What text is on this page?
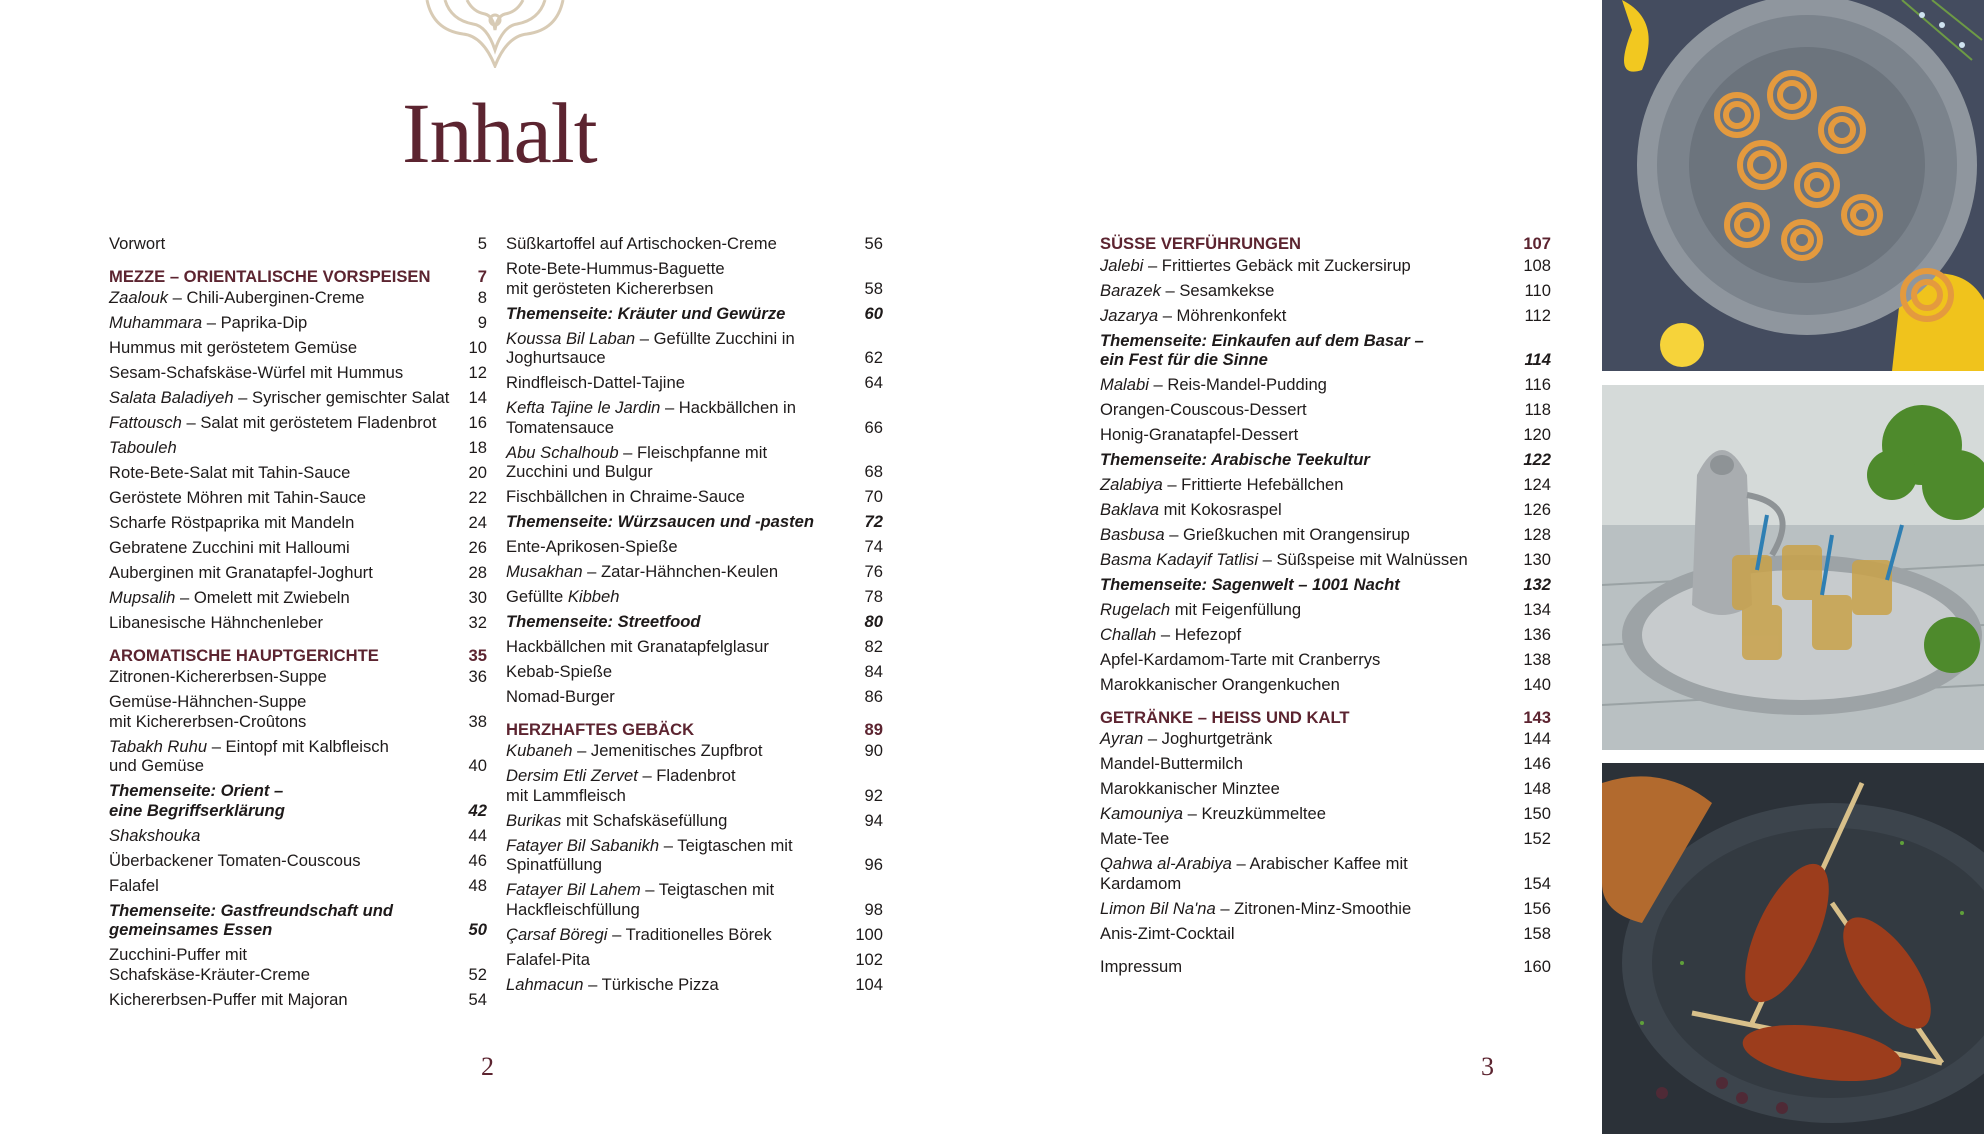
Inhalt
Vorwort	5
MEZZE – ORIENTALISCHE VORSPEISEN	7
Zaalouk – Chili-Auberginen-Creme	8
Muhammara – Paprika-Dip	9
Hummus mit geröstetem Gemüse	10
Sesam-Schafskäse-Würfel mit Hummus	12
Salata Baladiyeh – Syrischer gemischter Salat	14
Fattousch – Salat mit geröstetem Fladenbrot	16
Tabouleh	18
Rote-Bete-Salat mit Tahin-Sauce	20
Geröstete Möhren mit Tahin-Sauce	22
Scharfe Röstpaprika mit Mandeln	24
Gebratene Zucchini mit Halloumi	26
Auberginen mit Granatapfel-Joghurt	28
Mupsalih – Omelett mit Zwiebeln	30
Libanesische Hähnchenleber	32
AROMATISCHE HAUPTGERICHTE	35
Zitronen-Kichererbsen-Suppe	36
Gemüse-Hähnchen-Suppe
mit Kichererbsen-Croûtons	38
Tabakh Ruhu – Eintopf mit Kalbfleisch
und Gemüse	40
Themenseite: Orient –
eine Begriffserklärung	42
Shakshouka	44
Überbackener Tomaten-Couscous	46
Falafel	48
Themenseite: Gastfreundschaft und
gemeinsames Essen	50
Zucchini-Puffer mit
Schafskäse-Kräuter-Creme	52
Kichererbsen-Puffer mit Majoran	54
Süßkartoffel auf Artischocken-Creme	56
Rote-Bete-Hummus-Baguette
mit gerösteten Kichererbsen	58
Themenseite: Kräuter und Gewürze	60
Koussa Bil Laban – Gefüllte Zucchini in
Joghurtsauce	62
Rindfleisch-Dattel-Tajine	64
Kefta Tajine le Jardin – Hackbällchen in
Tomatensauce	66
Abu Schalhoub – Fleischpfanne mit
Zucchini und Bulgur	68
Fischbällchen in Chraime-Sauce	70
Themenseite: Würzsaucen und -pasten	72
Ente-Aprikosen-Spieße	74
Musakhan – Zatar-Hähnchen-Keulen	76
Gefüllte Kibbeh	78
Themenseite: Streetfood	80
Hackbällchen mit Granatapfelglasur	82
Kebab-Spieße	84
Nomad-Burger	86
HERZHAFTES GEBÄCK	89
Kubaneh – Jemenitisches Zupfbrot	90
Dersim Etli Zervet – Fladenbrot
mit Lammfleisch	92
Burikas mit Schafskäsefüllung	94
Fatayer Bil Sabanikh – Teigtaschen mit
Spinatfüllung	96
Fatayer Bil Lahem – Teigtaschen mit
Hackfleischfüllung	98
Çarsaf Böregi – Traditionelles Börek	100
Falafel-Pita	102
Lahmacun – Türkische Pizza	104
SÜSSE VERFÜHRUNGEN	107
Jalebi – Frittiertes Gebäck mit Zuckersirup	108
Barazek – Sesamkekse	110
Jazarya – Möhrenkonfekt	112
Themenseite: Einkaufen auf dem Basar –
ein Fest für die Sinne	114
Malabi – Reis-Mandel-Pudding	116
Orangen-Couscous-Dessert	118
Honig-Granatapfel-Dessert	120
Themenseite: Arabische Teekultur	122
Zalabiya – Frittierte Hefebällchen	124
Baklava mit Kokosraspel	126
Basbusa – Grießkuchen mit Orangensirup	128
Basma Kadayif Tatlisi – Süßspeise mit Walnüssen	130
Themenseite: Sagenwelt – 1001 Nacht	132
Rugelach mit Feigenfüllung	134
Challah – Hefezopf	136
Apfel-Kardamom-Tarte mit Cranberrys	138
Marokkanischer Orangenkuchen	140
GETRÄNKE – HEISS UND KALT	143
Ayran – Joghurtgetränk	144
Mandel-Buttermilch	146
Marokkanischer Minztee	148
Kamouniya – Kreuzkümmeltee	150
Mate-Tee	152
Qahwa al-Arabiya – Arabischer Kaffee mit
Kardamom	154
Limon Bil Na'na – Zitronen-Minz-Smoothie	156
Anis-Zimt-Cocktail	158
Impressum	160
2	3
